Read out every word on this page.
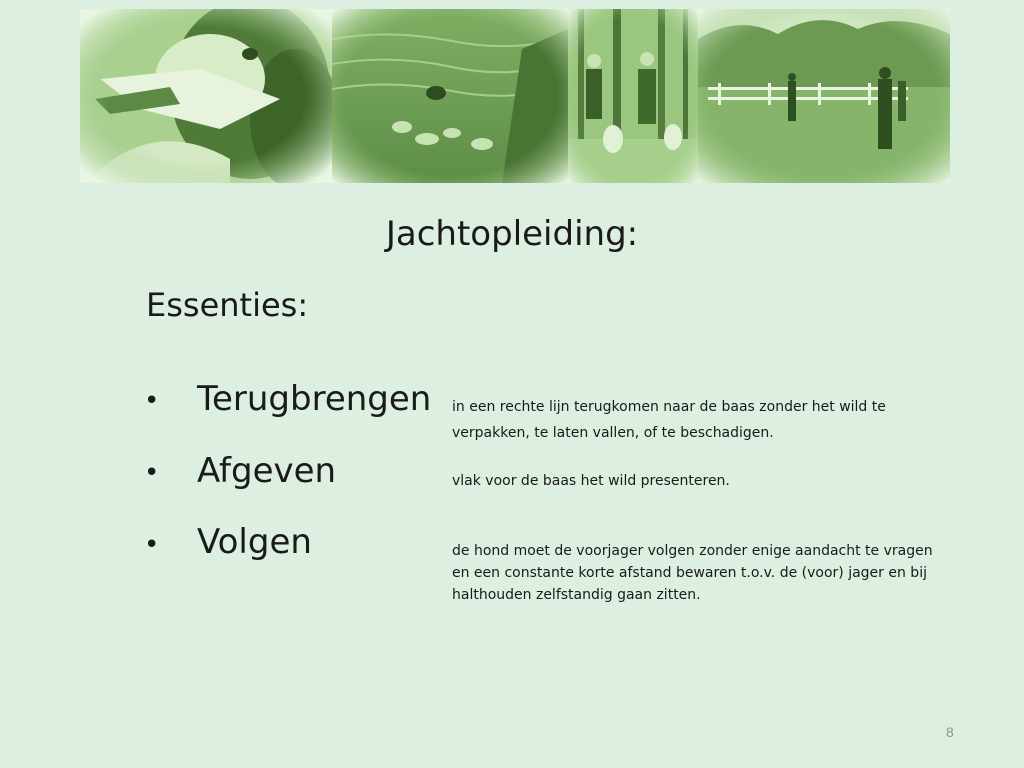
Jachtopleiding:
Essenties:
• Terugbrengen in een rechte lijn terugkomen naar de baas zonder het wild te verpakken, te laten vallen, of te beschadigen.
• Afgeven	vlak voor de baas het wild presenteren.
• Volgen	de hond moet de voorjager volgen zonder enige aandacht te vragen en een constante korte afstand bewaren t.o.v. de (voor) jager en bij halthouden zelfstandig gaan zitten.
8
